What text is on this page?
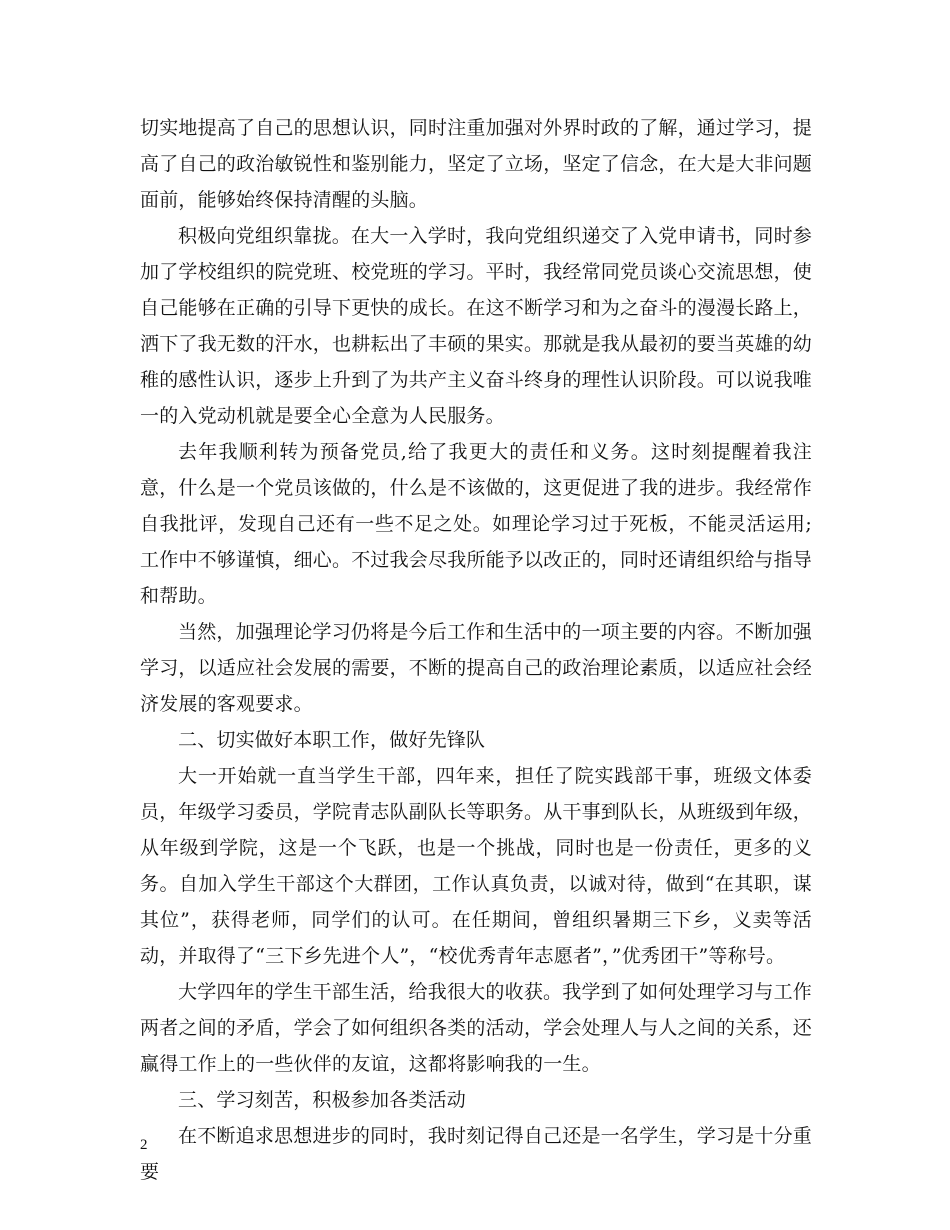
切实地提高了自己的思想认识，同时注重加强对外界时政的了解，通过学习，提高了自己的政治敏锐性和鉴别能力，坚定了立场，坚定了信念，在大是大非问题面前，能够始终保持清醒的头脑。

积极向党组织靠拢。在大一入学时，我向党组织递交了入党申请书，同时参加了学校组织的院党班、校党班的学习。平时，我经常同党员谈心交流思想，使自己能够在正确的引导下更快的成长。在这不断学习和为之奋斗的漫漫长路上，洒下了我无数的汗水，也耕耘出了丰硕的果实。那就是我从最初的要当英雄的幼稚的感性认识，逐步上升到了为共产主义奋斗终身的理性认识阶段。可以说我唯一的入党动机就是要全心全意为人民服务。

去年我顺利转为预备党员,给了我更大的责任和义务。这时刻提醒着我注意，什么是一个党员该做的，什么是不该做的，这更促进了我的进步。我经常作自我批评，发现自己还有一些不足之处。如理论学习过于死板，不能灵活运用;工作中不够谨慎，细心。不过我会尽我所能予以改正的，同时还请组织给与指导和帮助。

当然，加强理论学习仍将是今后工作和生活中的一项主要的内容。不断加强学习，以适应社会发展的需要，不断的提高自己的政治理论素质，以适应社会经济发展的客观要求。

二、切实做好本职工作，做好先锋队

大一开始就一直当学生干部，四年来，担任了院实践部干事，班级文体委员，年级学习委员，学院青志队副队长等职务。从干事到队长，从班级到年级，从年级到学院，这是一个飞跃，也是一个挑战，同时也是一份责任，更多的义务。自加入学生干部这个大群团，工作认真负责，以诚对待，做到“在其职，谋其位”，获得老师，同学们的认可。在任期间，曾组织暑期三下乡，义卖等活动，并取得了“三下乡先进个人”，“校优秀青年志愿者”，”优秀团干”等称号。

大学四年的学生干部生活，给我很大的收获。我学到了如何处理学习与工作两者之间的矛盾，学会了如何组织各类的活动，学会处理人与人之间的关系，还赢得工作上的一些伙伴的友谊，这都将影响我的一生。

三、学习刻苦，积极参加各类活动

在不断追求思想进步的同时，我时刻记得自己还是一名学生，学习是十分重要

2
